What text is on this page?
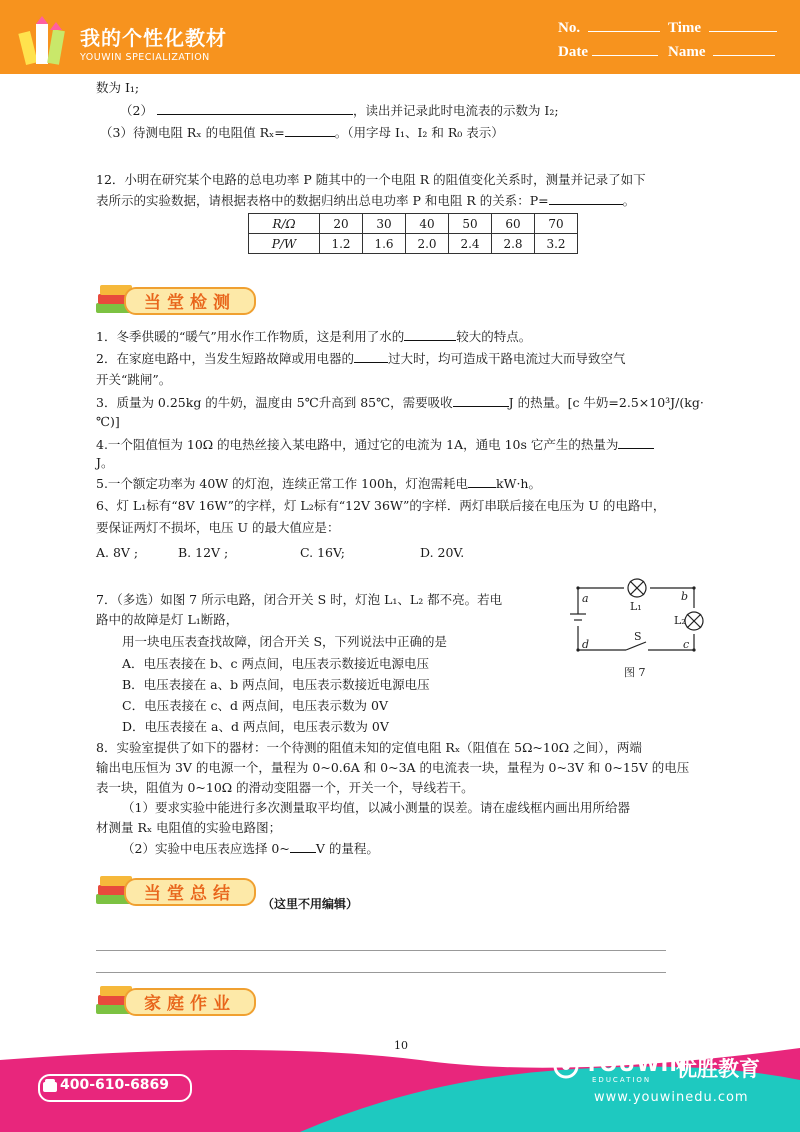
我的个性化教材
YOUWIN SPECIALIZATION
No.	Time
Date	Name
数为 I₁;
（2）	，读出并记录此时电流表的示数为 I₂;
（3）待测电阻 Rₓ 的电阻值 Rₓ=	。（用字母 I₁、I₂ 和 R₀ 表示）
12．小明在研究某个电路的总电功率 P 随其中的一个电阻 R 的阻值变化关系时，测量并记录了如下
表所示的实验数据，请根据表格中的数据归纳出总电功率 P 和电阻 R 的关系：P=	。
R/Ω	20	30	40	50	60	70
P/W	1.2	1.6	2.0	2.4	2.8	3.2
当堂检测
1．冬季供暖的“暖气”用水作工作物质，这是利用了水的	较大的特点。
2．在家庭电路中，当发生短路故障或用电器的	过大时，均可造成干路电流过大而导致空气
开关“跳闸”。
3．质量为 0.25kg 的牛奶，温度由 5℃升高到 85℃，需要吸收	J 的热量。[c 牛奶=2.5×10³J/(kg·
℃)]
4.一个阻值恒为 10Ω 的电热丝接入某电路中，通过它的电流为 1A，通电 10s 它产生的热量为
J。
5.一个额定功率为 40W 的灯泡，连续正常工作 100h，灯泡需耗电 kW·h。
6、灯 L₁标有“8V 16W”的字样，灯 L₂标有“12V 36W”的字样．两灯串联后接在电压为 U 的电路中，
要保证两灯不损坏，电压 U 的最大值应是：
A. 8V ;	B. 12V ;	C. 16V;	D. 20V.
7．（多选）如图 7 所示电路，闭合开关 S 时，灯泡 L₁、L₂ 都不亮。若电
路中的故障是灯 L₁断路，
用一块电压表查找故障，闭合开关 S，下列说法中正确的是
A．电压表接在 b、c 两点间，电压表示数接近电源电压
B．电压表接在 a、b 两点间，电压表示数接近电源电压
C．电压表接在 c、d 两点间，电压表示数为 0V
D．电压表接在 a、d 两点间，电压表示数为 0V
a	b
c
d
L₁
L₂
S
图 7
8．实验室提供了如下的器材：一个待测的阻值未知的定值电阻 Rₓ（阻值在 5Ω~10Ω 之间），两端
输出电压恒为 3V 的电源一个，量程为 0~0.6A 和 0~3A 的电流表一块，量程为 0~3V 和 0~15V 的电压
表一块，阻值为 0~10Ω 的滑动变阻器一个，开关一个，导线若干。
（1）要求实验中能进行多次测量取平均值，以减小测量的误差。请在虚线框内画出用所给器
材测量 Rₓ 电阻值的实验电路图；
（2）实验中电压表应选择 0~ V 的量程。
当堂总结 （这里不用编辑）
家庭作业
10
400-610-6869
YOUWIN
EDUCATION 优胜教育
www.youwinedu.com
